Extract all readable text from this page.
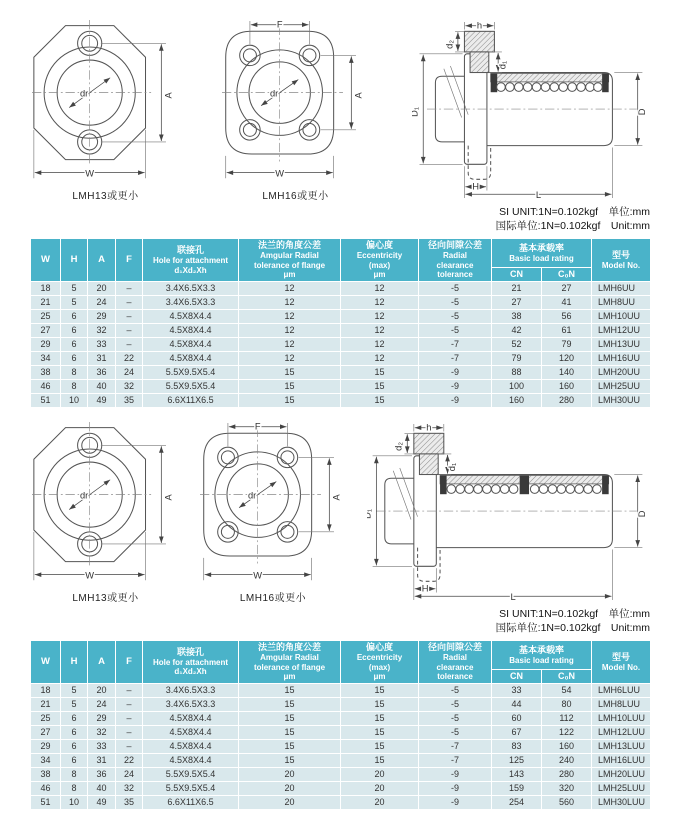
LMH13或更小	LMH16或更小
SI UNIT:1N=0.102kgf　单位:mm
国际单位:1N=0.102kgf　Unit:mm
W	H	A	F	
联接孔
Hole for attachment
d₁Xd₂Xh

法兰的角度公差
Amgular Radial
tolerance of flange
μm

偏心度
Eccentricity
(max)
μm

径向间隙公差
Radial
clearance
tolerance

基本承载率
Basic load rating	型号
Model No.

								CN	C₀N	
18	5	20	–	3.4X6.5X3.3	12	12	-5	21	27	LMH6UU
21	5	24	–	3.4X6.5X3.3	12	12	-5	27	41	LMH8UU
25	6	29	–	4.5X8X4.4	12	12	-5	38	56	LMH10UU
27	6	32	–	4.5X8X4.4	12	12	-5	42	61	LMH12UU
29	6	33	–	4.5X8X4.4	12	12	-7	52	79	LMH13UU
34	6	31	22	4.5X8X4.4	12	12	-7	79	120	LMH16UU
38	8	36	24	5.5X9.5X5.4	15	15	-9	88	140	LMH20UU
46	8	40	32	5.5X9.5X5.4	15	15	-9	100	160	LMH25UU
51	10	49	35	6.6X11X6.5	15	15	-9	160	280	LMH30UU
LMH13或更小	LMH16或更小
SI UNIT:1N=0.102kgf　单位:mm
国际单位:1N=0.102kgf　Unit:mm
W	H	A	F	
联接孔
Hole for attachment
d₁Xd₂Xh

法兰的角度公差
Amgular Radial
tolerance of flange
μm

偏心度
Eccentricity
(max)
μm

径向间隙公差
Radial
clearance
tolerance

基本承载率
Basic load rating	型号
Model No.

								CN	C₀N	
18	5	20	–	3.4X6.5X3.3	15	15	-5	33	54	LMH6LUU
21	5	24	–	3.4X6.5X3.3	15	15	-5	44	80	LMH8LUU
25	6	29	–	4.5X8X4.4	15	15	-5	60	112	LMH10LUU
27	6	32	–	4.5X8X4.4	15	15	-5	67	122	LMH12LUU
29	6	33	–	4.5X8X4.4	15	15	-7	83	160	LMH13LUU
34	6	31	22	4.5X8X4.4	15	15	-7	125	240	LMH16LUU
38	8	36	24	5.5X9.5X5.4	20	20	-9	143	280	LMH20LUU
46	8	40	32	5.5X9.5X5.4	20	20	-9	159	320	LMH25LUU
51	10	49	35	6.6X11X6.5	20	20	-9	254	560	LMH30LUU
